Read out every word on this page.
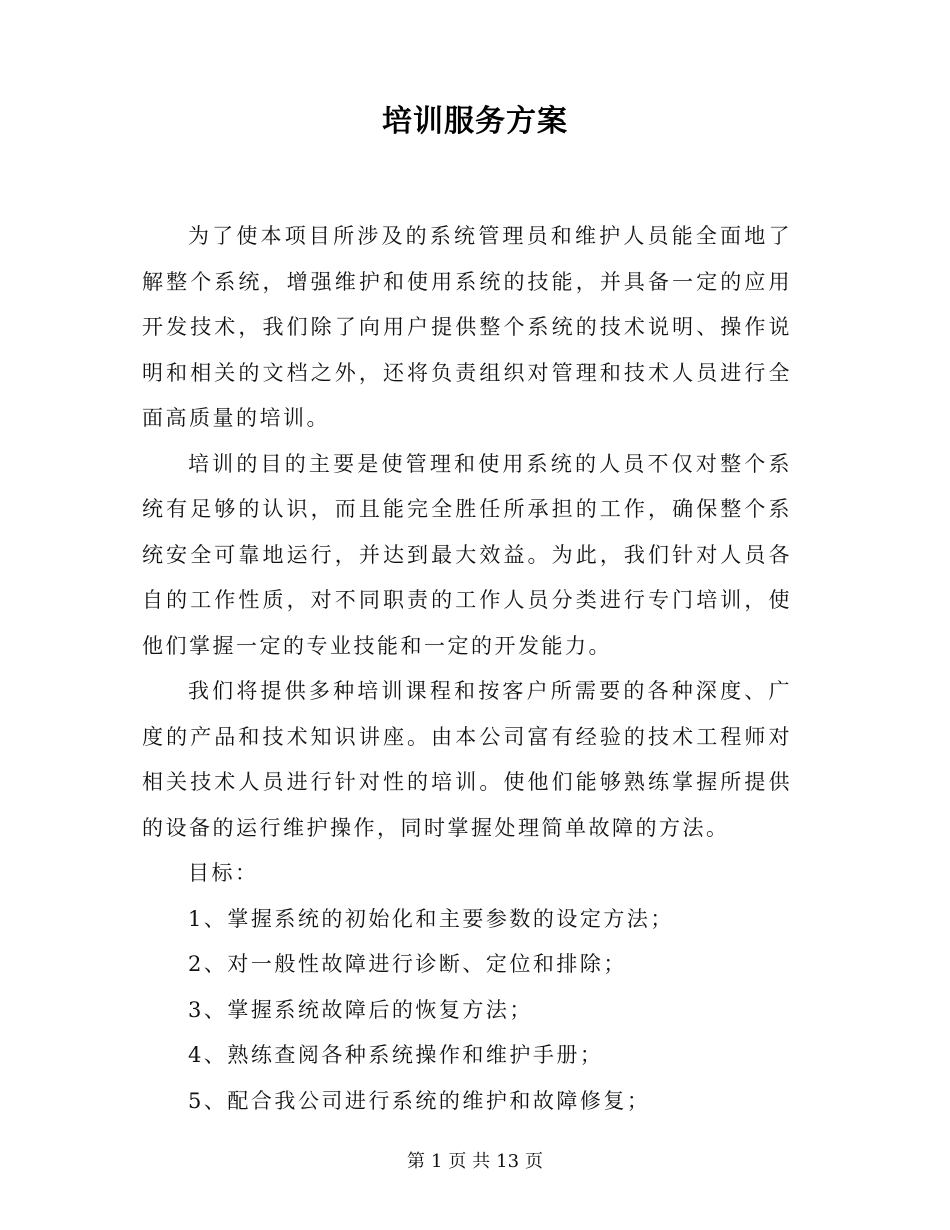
培训服务方案

为了使本项目所涉及的系统管理员和维护人员能全面地了解整个系统，增强维护和使用系统的技能，并具备一定的应用开发技术，我们除了向用户提供整个系统的技术说明、操作说明和相关的文档之外，还将负责组织对管理和技术人员进行全面高质量的培训。

培训的目的主要是使管理和使用系统的人员不仅对整个系统有足够的认识，而且能完全胜任所承担的工作，确保整个系统安全可靠地运行，并达到最大效益。为此，我们针对人员各自的工作性质，对不同职责的工作人员分类进行专门培训，使他们掌握一定的专业技能和一定的开发能力。

我们将提供多种培训课程和按客户所需要的各种深度、广度的产品和技术知识讲座。由本公司富有经验的技术工程师对相关技术人员进行针对性的培训。使他们能够熟练掌握所提供的设备的运行维护操作，同时掌握处理简单故障的方法。

目标：

1、掌握系统的初始化和主要参数的设定方法；

2、对一般性故障进行诊断、定位和排除；

3、掌握系统故障后的恢复方法；

4、熟练查阅各种系统操作和维护手册；

5、配合我公司进行系统的维护和故障修复；

第 1 页 共 13 页
